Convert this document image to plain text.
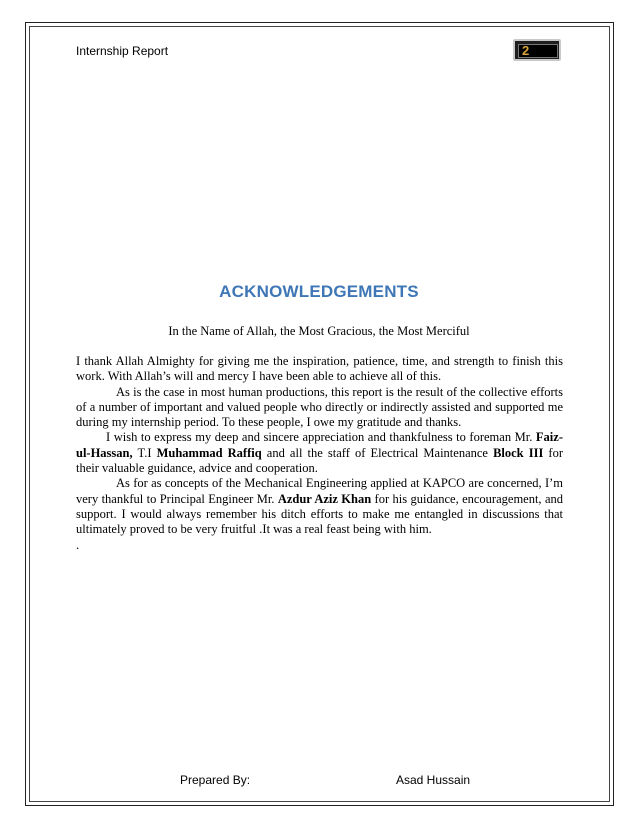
Internship Report	2
ACKNOWLEDGEMENTS
In the Name of Allah, the Most Gracious, the Most Merciful

I thank Allah Almighty for giving me the inspiration, patience, time, and strength to finish this work. With Allah’s will and mercy I have been able to achieve all of this.

As is the case in most human productions, this report is the result of the collective efforts of a number of important and valued people who directly or indirectly assisted and supported me during my internship period. To these people, I owe my gratitude and thanks.

I wish to express my deep and sincere appreciation and thankfulness to foreman Mr. Faiz-ul-Hassan, T.I Muhammad Raffiq and all the staff of Electrical Maintenance Block III for their valuable guidance, advice and cooperation.

As for as concepts of the Mechanical Engineering applied at KAPCO are concerned, I’m very thankful to Principal Engineer Mr. Azdur Aziz Khan for his guidance, encouragement, and support. I would always remember his ditch efforts to make me entangled in discussions that ultimately proved to be very fruitful .It was a real feast being with him.

.

Prepared By:	Asad Hussain
